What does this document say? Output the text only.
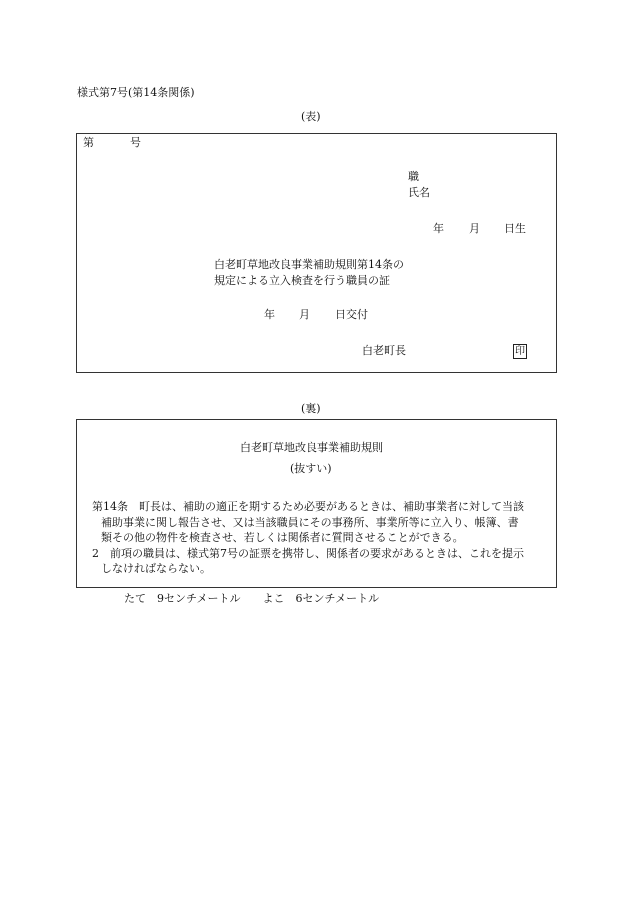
様式第7号(第14条関係)
(表)
第	号
職
氏名
年 月 日生
白老町草地改良事業補助規則第14条の
規定による立入検査を行う職員の証
年 月 日交付
白老町長	印
(裏)
白老町草地改良事業補助規則
(抜すい)
第14条　町長は、補助の適正を期するため必要があるときは、補助事業者に対して当該
補助事業に関し報告させ、又は当該職員にその事務所、事業所等に立入り、帳簿、書
類その他の物件を検査させ、若しくは関係者に質問させることができる。
2　前項の職員は、様式第7号の証票を携帯し、関係者の要求があるときは、これを提示
しなければならない。
たて　9センチメートル　　よこ　6センチメートル
